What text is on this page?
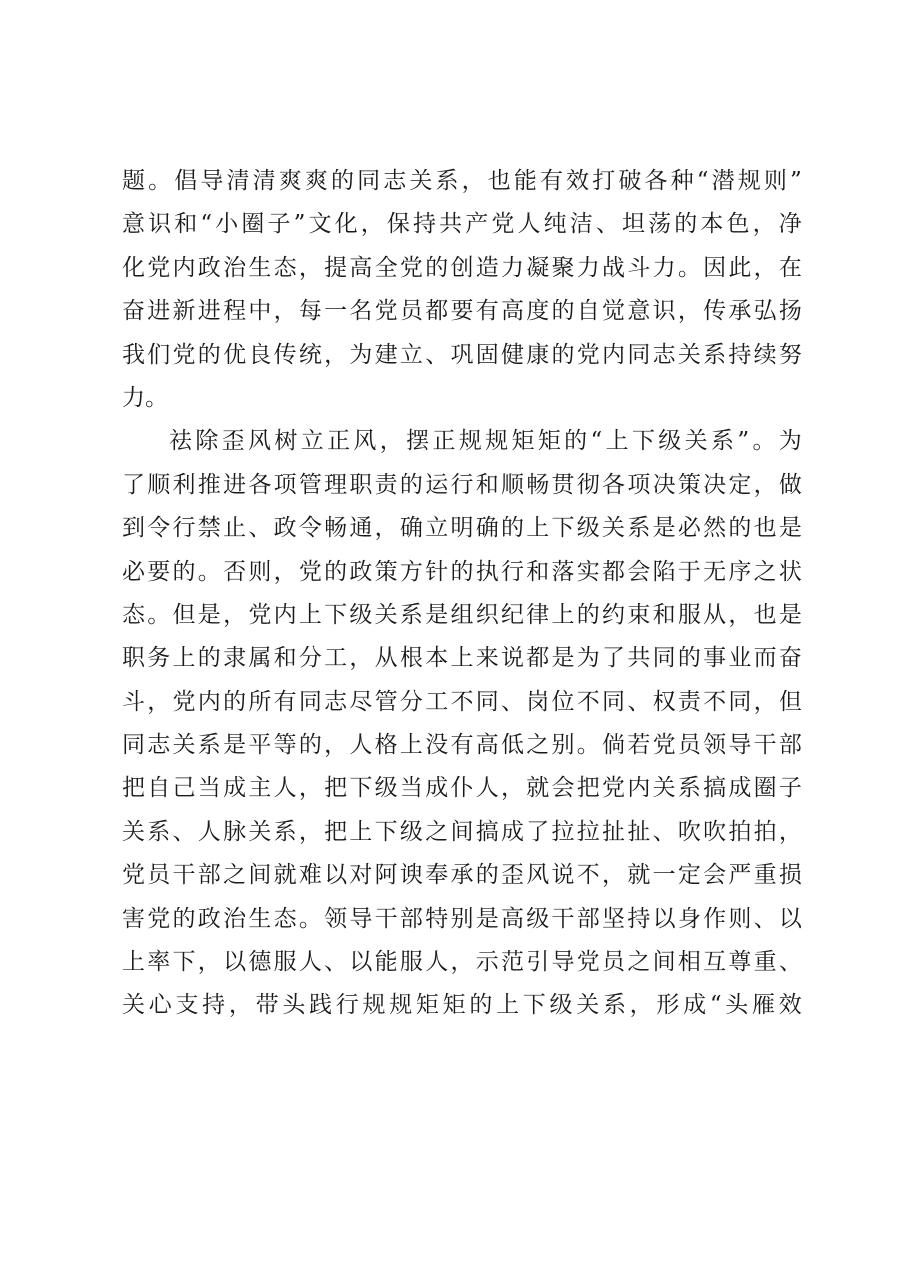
题 。 倡 导 清 清 爽 爽 的 同 志 关 系 ， 也 能 有 效 打 破 各 种 “ 潜 规 则 ”
意 识 和 “ 小 圈 子 ” 文 化 ， 保 持 共 产 党 人 纯 洁 、 坦 荡 的 本 色 ， 净
化 党 内 政 治 生 态 ， 提 高 全 党 的 创 造 力 凝 聚 力 战 斗 力 。 因 此 ， 在
奋 进 新 进 程 中 ， 每 一 名 党 员 都 要 有 高 度 的 自 觉 意 识 ， 传 承 弘 扬
我 们 党 的 优 良 传 统 ， 为 建 立 、 巩 固 健 康 的 党 内 同 志 关 系 持 续 努
力。
祛 除 歪 风 树 立 正 风 ， 摆 正 规 规 矩 矩 的 “ 上 下 级 关 系 ” 。 为
了 顺 利 推 进 各 项 管 理 职 责 的 运 行 和 顺 畅 贯 彻 各 项 决 策 决 定 ， 做
到 令 行 禁 止 、 政 令 畅 通 ， 确 立 明 确 的 上 下 级 关 系 是 必 然 的 也 是
必 要 的 。 否 则 ， 党 的 政 策 方 针 的 执 行 和 落 实 都 会 陷 于 无 序 之 状
态 。 但 是 ， 党 内 上 下 级 关 系 是 组 织 纪 律 上 的 约 束 和 服 从 ， 也 是
职 务 上 的 隶 属 和 分 工 ， 从 根 本 上 来 说 都 是 为 了 共 同 的 事 业 而 奋
斗 ， 党 内 的 所 有 同 志 尽 管 分 工 不 同 、 岗 位 不 同 、 权 责 不 同 ， 但
同 志 关 系 是 平 等 的 ， 人 格 上 没 有 高 低 之 别 。 倘 若 党 员 领 导 干 部
把 自 己 当 成 主 人 ， 把 下 级 当 成 仆 人 ， 就 会 把 党 内 关 系 搞 成 圈 子
关 系 、 人 脉 关 系 ， 把 上 下 级 之 间 搞 成 了 拉 拉 扯 扯 、 吹 吹 拍 拍 ，
党 员 干 部 之 间 就 难 以 对 阿 谀 奉 承 的 歪 风 说 不 ， 就 一 定 会 严 重 损
害 党 的 政 治 生 态 。 领 导 干 部 特 别 是 高 级 干 部 坚 持 以 身 作 则 、 以
上 率 下 ， 以 德 服 人 、 以 能 服 人 ， 示 范 引 导 党 员 之 间 相 互 尊 重 、
关 心 支 持 ， 带 头 践 行 规 规 矩 矩 的 上 下 级 关 系 ， 形 成 “ 头 雁 效
